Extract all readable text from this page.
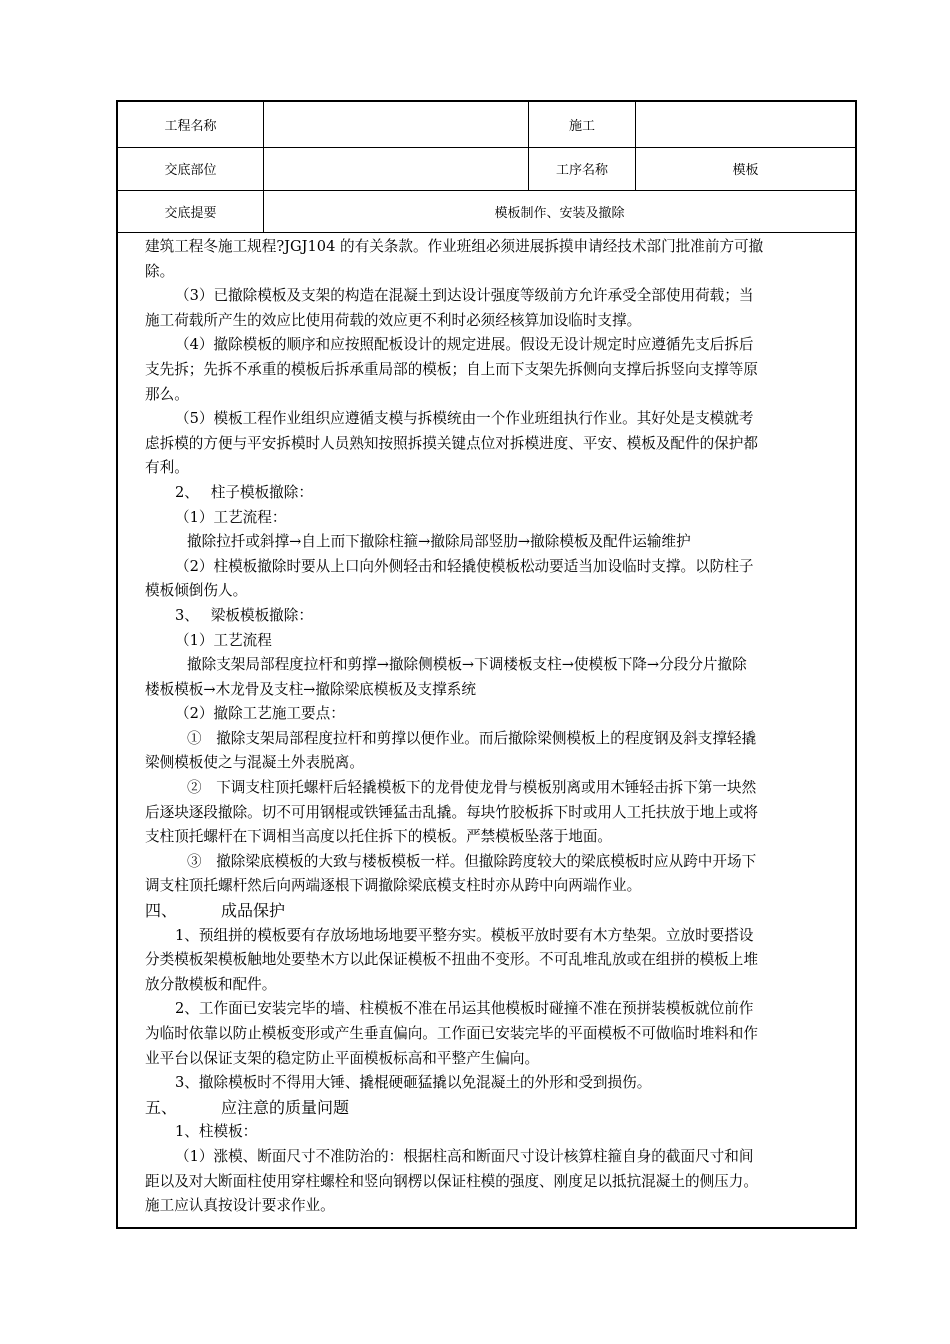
工程名称		施工	
交底部位		工序名称	模板
交底提要	模板制作、安装及撤除		

建筑工程冬施工规程?JGJ104 的有关条款。作业班组必须进展拆摸申请经技术部门批准前方可撤

除。

（3）已撤除模板及支架的构造在混凝土到达设计强度等级前方允许承受全部使用荷载；当

施工荷载所产生的效应比使用荷载的效应更不利时必须经核算加设临时支撑。

（4）撤除模板的顺序和应按照配板设计的规定进展。假设无设计规定时应遵循先支后拆后

支先拆；先拆不承重的模板后拆承重局部的模板；自上而下支架先拆侧向支撑后拆竖向支撑等原

那么。

（5）模板工程作业组织应遵循支模与拆模统由一个作业班组执行作业。其好处是支模就考

虑拆模的方便与平安拆模时人员熟知按照拆摸关键点位对拆模进度、平安、模板及配件的保护都

有利。

2、　 柱子模板撤除：

（1）工艺流程：

撤除拉扦或斜撑→自上而下撤除柱箍→撤除局部竖肋→撤除模板及配件运输维护

（2）柱模板撤除时要从上口向外侧轻击和轻撬使模板松动要适当加设临时支撑。以防柱子

模板倾倒伤人。

3、　 梁板模板撤除：

（1）工艺流程

撤除支架局部程度拉杆和剪撑→撤除侧模板→下调楼板支柱→使模板下降→分段分片撤除

楼板模板→木龙骨及支柱→撤除梁底模板及支撑系统

（2）撤除工艺施工要点：

①　撤除支架局部程度拉杆和剪撑以便作业。而后撤除梁侧模板上的程度钢及斜支撑轻撬

梁侧模板使之与混凝土外表脱离。

②　下调支柱顶托螺杆后轻撬模板下的龙骨使龙骨与模板别离或用木锤轻击拆下第一块然

后逐块逐段撤除。切不可用钢棍或铁锤猛击乱撬。每块竹胶板拆下时或用人工托扶放于地上或将

支柱顶托螺杆在下调相当高度以托住拆下的模板。严禁模板坠落于地面。

③　撤除梁底模板的大致与楼板模板一样。但撤除跨度较大的梁底模板时应从跨中开场下

调支柱顶托螺杆然后向两端逐根下调撤除梁底模支柱时亦从跨中向两端作业。

四、	成品保护

1、预组拼的模板要有存放场地场地要平整夯实。模板平放时要有木方垫架。立放时要搭设

分类模板架模板触地处要垫木方以此保证模板不扭曲不变形。不可乱堆乱放或在组拼的模板上堆

放分散模板和配件。

2、工作面已安装完毕的墙、柱模板不准在吊运其他模板时碰撞不准在预拼装模板就位前作

为临时依靠以防止模板变形或产生垂直偏向。工作面已安装完毕的平面模板不可做临时堆料和作

业平台以保证支架的稳定防止平面模板标高和平整产生偏向。

3、撤除模板时不得用大锤、撬棍硬砸猛撬以免混凝土的外形和受到损伤。

五、	应注意的质量问题

1、柱模板：

（1）涨模、断面尺寸不准防治的：根据柱高和断面尺寸设计核算柱箍自身的截面尺寸和间

距以及对大断面柱使用穿柱螺栓和竖向钢楞以保证柱模的强度、刚度足以抵抗混凝土的侧压力。

施工应认真按设计要求作业。
